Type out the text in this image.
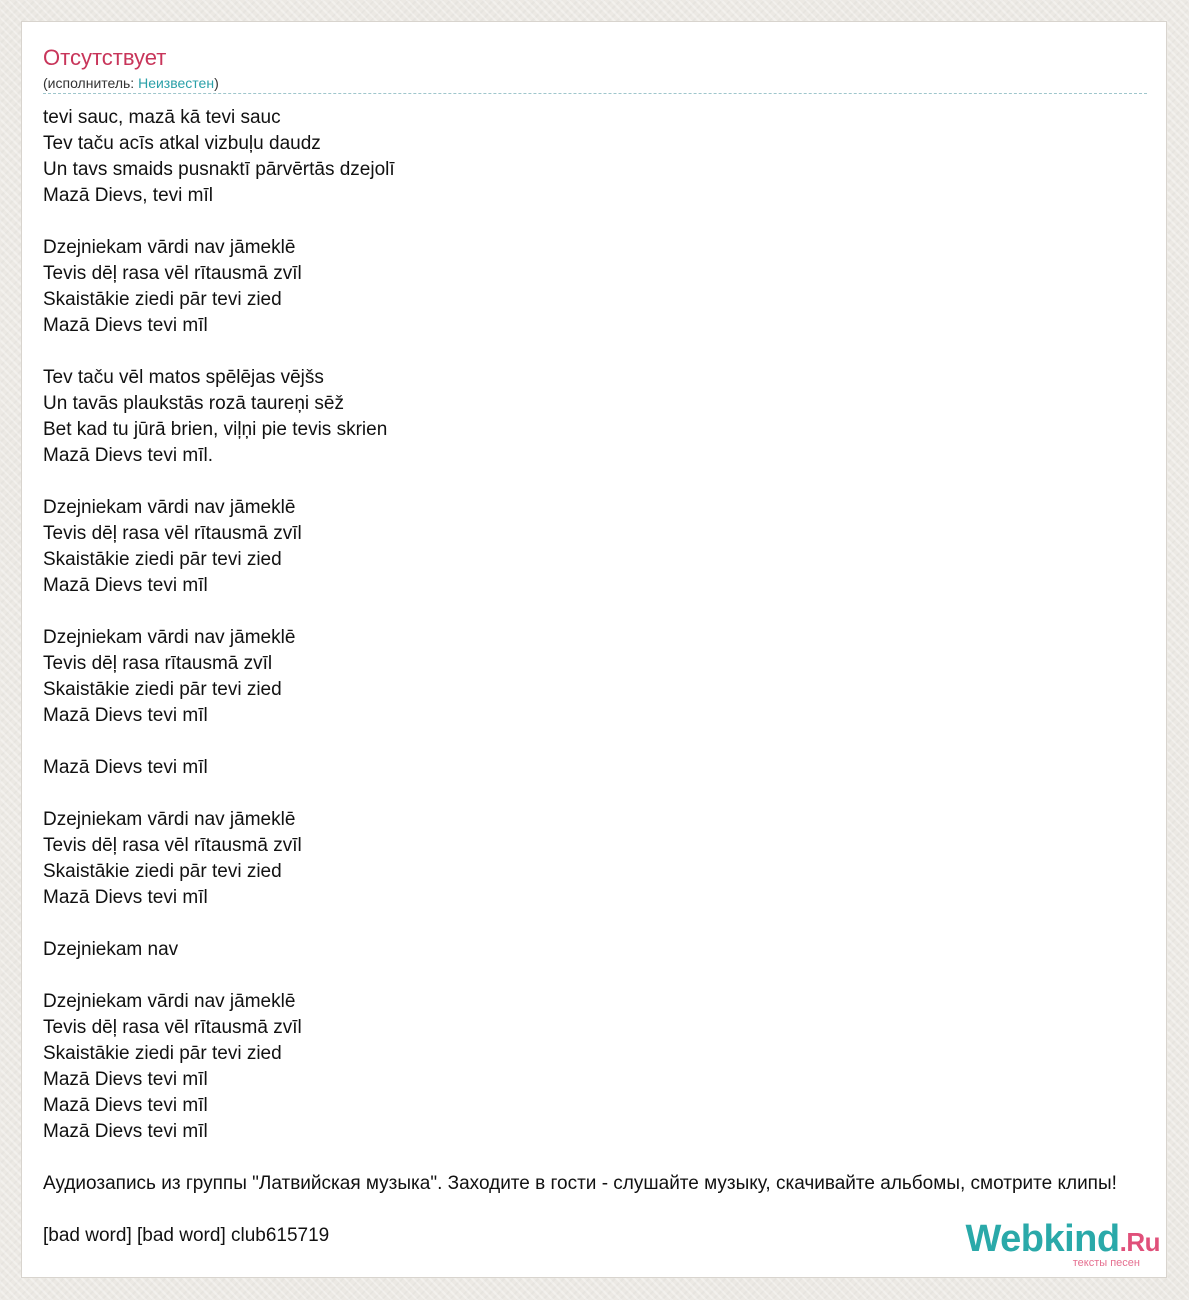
Отсутствует
(исполнитель: Неизвестен)
tevi sauc, mazā kā tevi sauc
Tev taču acīs atkal vizbuļu daudz
Un tavs smaids pusnaktī pārvērtās dzejolī
Mazā Dievs, tevi mīl
Dzejniekam vārdi nav jāmeklē
Tevis dēļ rasa vēl rītausmā zvīl
Skaistākie ziedi pār tevi zied
Mazā Dievs tevi mīl
Tev taču vēl matos spēlējas vējšs
Un tavās plaukstās rozā taureņi sēž
Bet kad tu jūrā brien, viļņi pie tevis skrien
Mazā Dievs tevi mīl.
Dzejniekam vārdi nav jāmeklē
Tevis dēļ rasa vēl rītausmā zvīl
Skaistākie ziedi pār tevi zied
Mazā Dievs tevi mīl
Dzejniekam vārdi nav jāmeklē
Tevis dēļ rasa rītausmā zvīl
Skaistākie ziedi pār tevi zied
Mazā Dievs tevi mīl
Mazā Dievs tevi mīl
Dzejniekam vārdi nav jāmeklē
Tevis dēļ rasa vēl rītausmā zvīl
Skaistākie ziedi pār tevi zied
Mazā Dievs tevi mīl
Dzejniekam nav
Dzejniekam vārdi nav jāmeklē
Tevis dēļ rasa vēl rītausmā zvīl
Skaistākie ziedi pār tevi zied
Mazā Dievs tevi mīl
Mazā Dievs tevi mīl
Mazā Dievs tevi mīl
Аудиозапись из группы "Латвийская музыка". Заходите в гости - слушайте музыку, скачивайте альбомы, смотрите клипы!
[bad word] [bad word] club615719	Webkind.Ru
тексты песен
